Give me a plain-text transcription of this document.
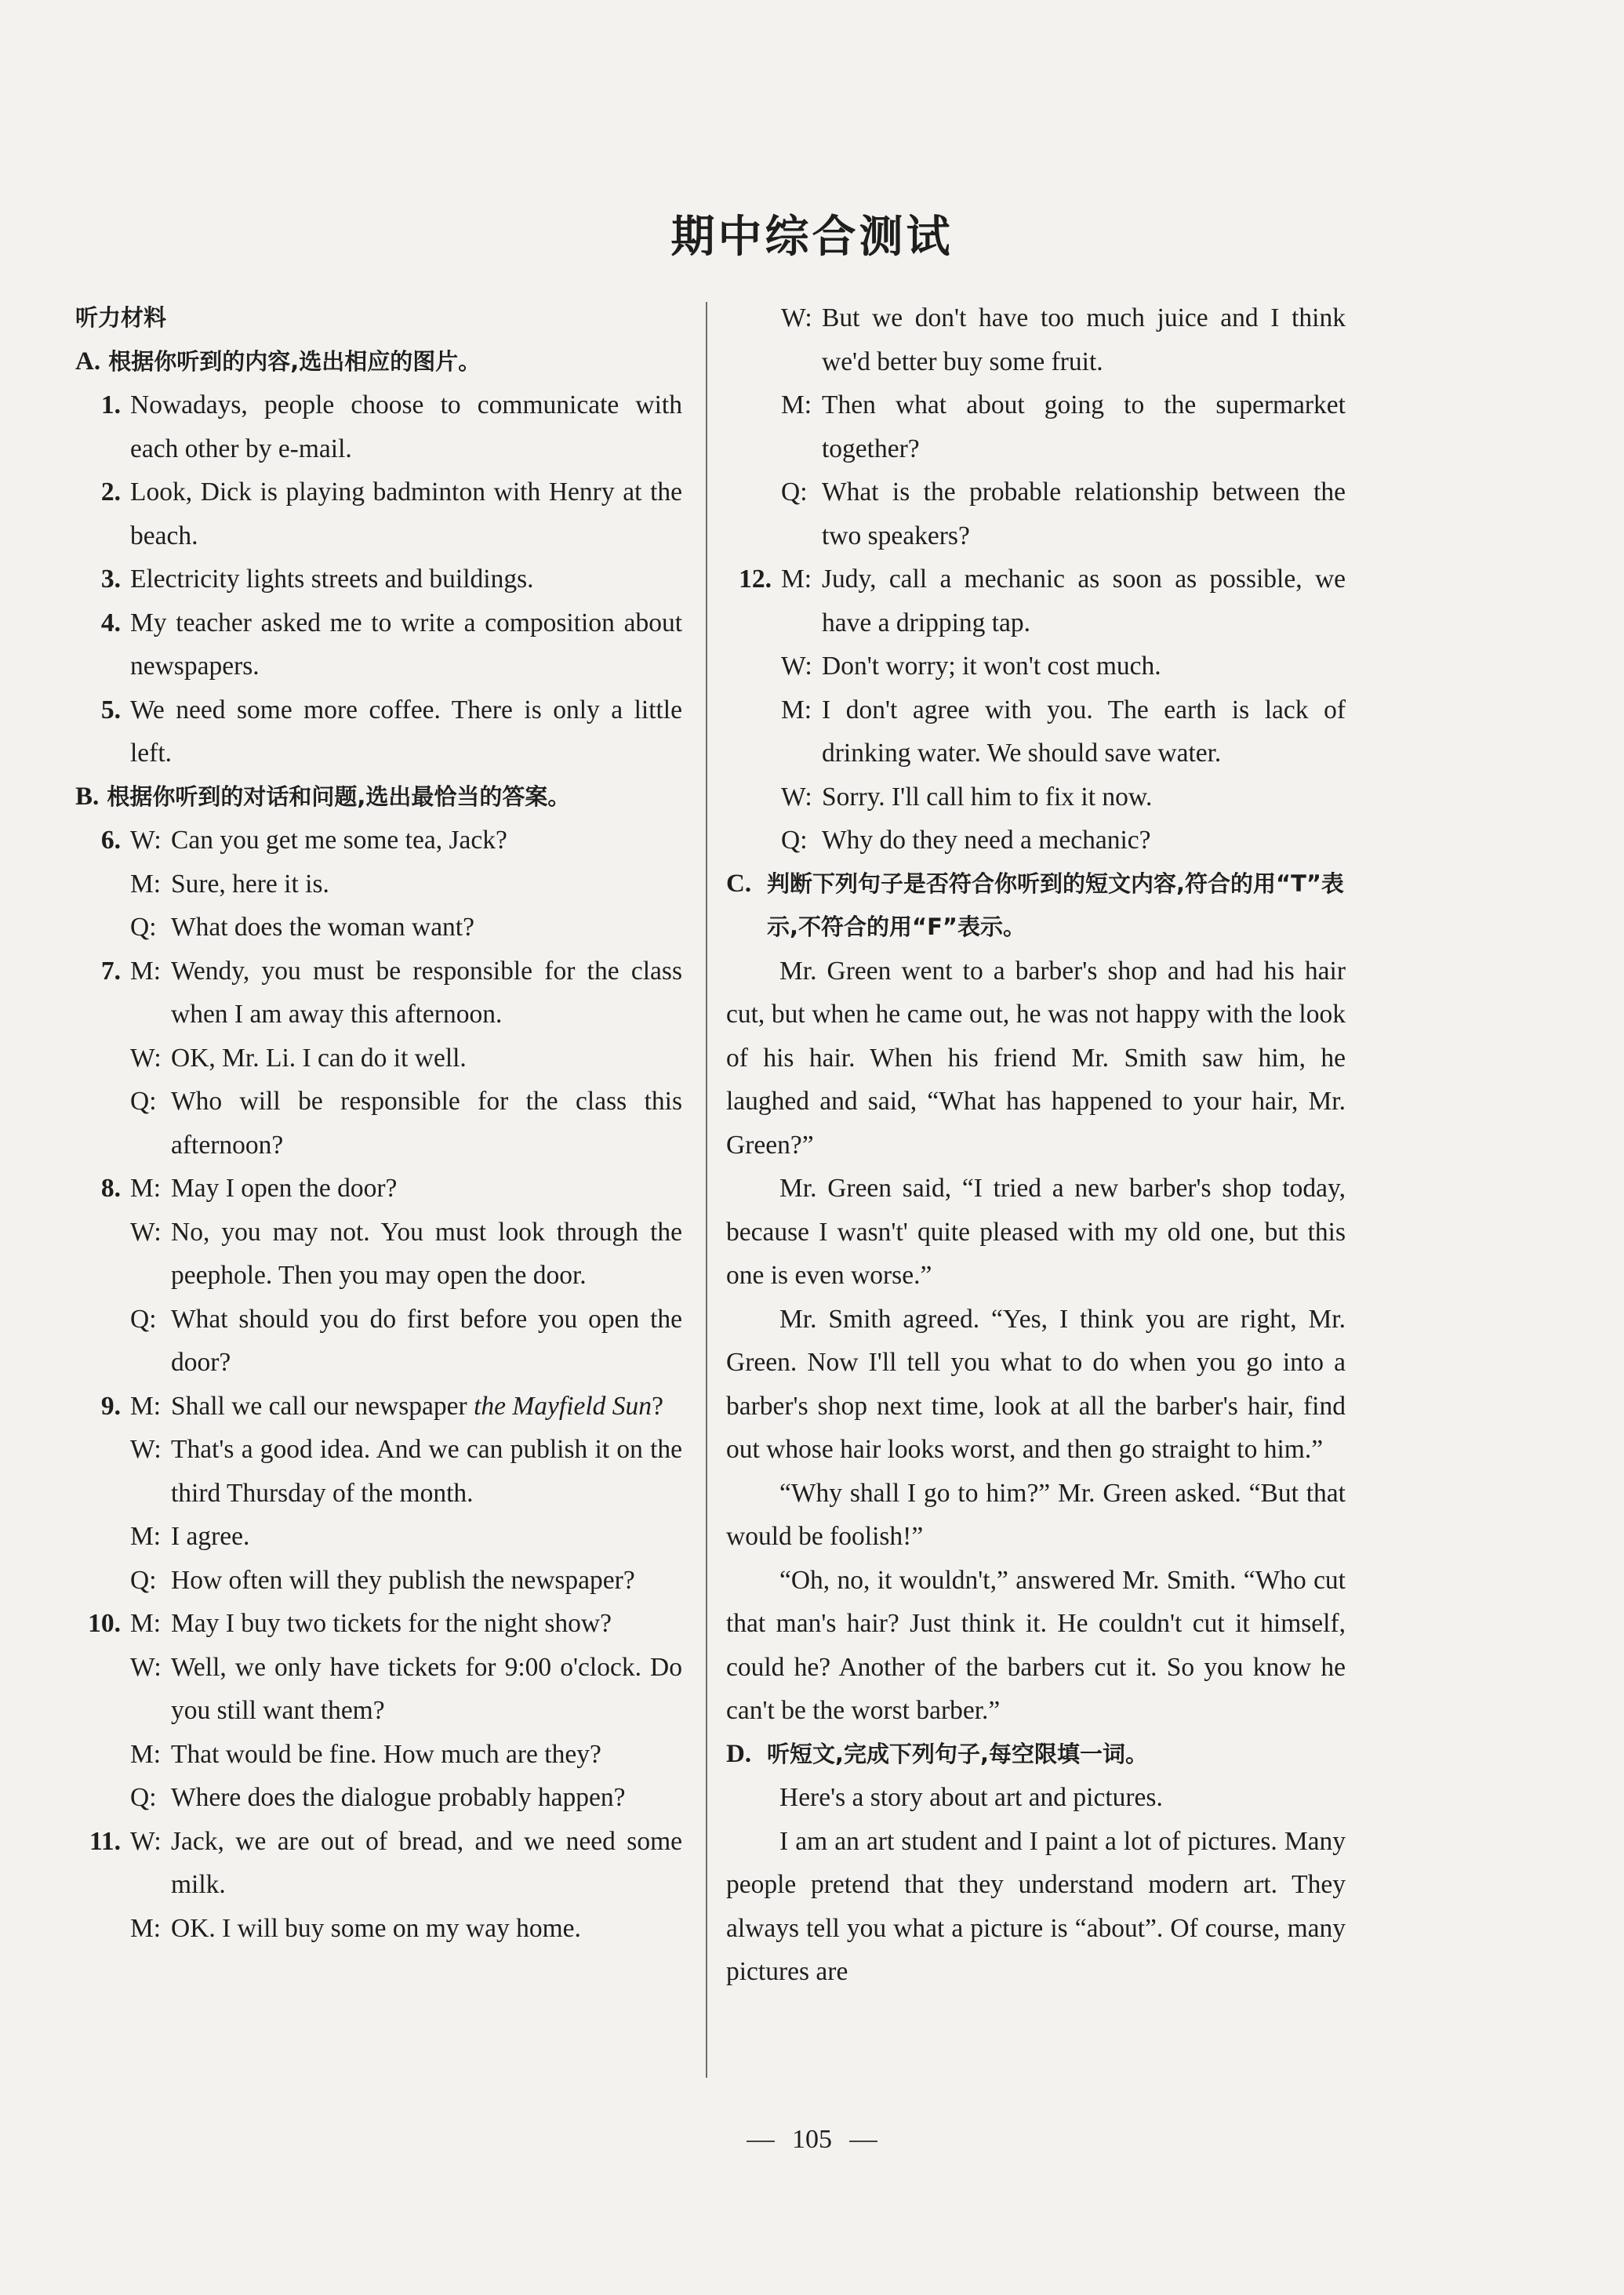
期中综合测试
听力材料
A. 根据你听到的内容,选出相应的图片。
1. Nowadays, people choose to communicate with each other by e-mail.
2. Look, Dick is playing badminton with Henry at the beach.
3. Electricity lights streets and buildings.
4. My teacher asked me to write a composition about newspapers.
5. We need some more coffee. There is only a little left.
B. 根据你听到的对话和问题,选出最恰当的答案。
6. W: Can you get me some tea, Jack?
M: Sure, here it is.
Q: What does the woman want?
7. M: Wendy, you must be responsible for the class when I am away this afternoon.
W: OK, Mr. Li. I can do it well.
Q: Who will be responsible for the class this afternoon?
8. M: May I open the door?
W: No, you may not. You must look through the peephole. Then you may open the door.
Q: What should you do first before you open the door?
9. M: Shall we call our newspaper the Mayfield Sun?
W: That's a good idea. And we can publish it on the third Thursday of the month.
M: I agree.
Q: How often will they publish the newspaper?
10. M: May I buy two tickets for the night show?
W: Well, we only have tickets for 9:00 o'clock. Do you still want them?
M: That would be fine. How much are they?
Q: Where does the dialogue probably happen?
11. W: Jack, we are out of bread, and we need some milk.
M: OK. I will buy some on my way home.
W: But we don't have too much juice and I think we'd better buy some fruit.
M: Then what about going to the supermarket together?
Q: What is the probable relationship between the two speakers?
12. M: Judy, call a mechanic as soon as possible, we have a dripping tap.
W: Don't worry; it won't cost much.
M: I don't agree with you. The earth is lack of drinking water. We should save water.
W: Sorry. I'll call him to fix it now.
Q: Why do they need a mechanic?
C. 判断下列句子是否符合你听到的短文内容,符合的用“T”表示,不符合的用“F”表示。
Mr. Green went to a barber's shop and had his hair cut, but when he came out, he was not happy with the look of his hair. When his friend Mr. Smith saw him, he laughed and said, “What has happened to your hair, Mr. Green?”
Mr. Green said, “I tried a new barber's shop today, because I wasn't' quite pleased with my old one, but this one is even worse.”
Mr. Smith agreed. “Yes, I think you are right, Mr. Green. Now I'll tell you what to do when you go into a barber's shop next time, look at all the barber's hair, find out whose hair looks worst, and then go straight to him.”
“Why shall I go to him?” Mr. Green asked. “But that would be foolish!”
“Oh, no, it wouldn't,” answered Mr. Smith. “Who cut that man's hair? Just think it. He couldn't cut it himself, could he? Another of the barbers cut it. So you know he can't be the worst barber.”
D. 听短文,完成下列句子,每空限填一词。
Here's a story about art and pictures.
I am an art student and I paint a lot of pictures. Many people pretend that they understand modern art. They always tell you what a picture is “about”. Of course, many pictures are
105
